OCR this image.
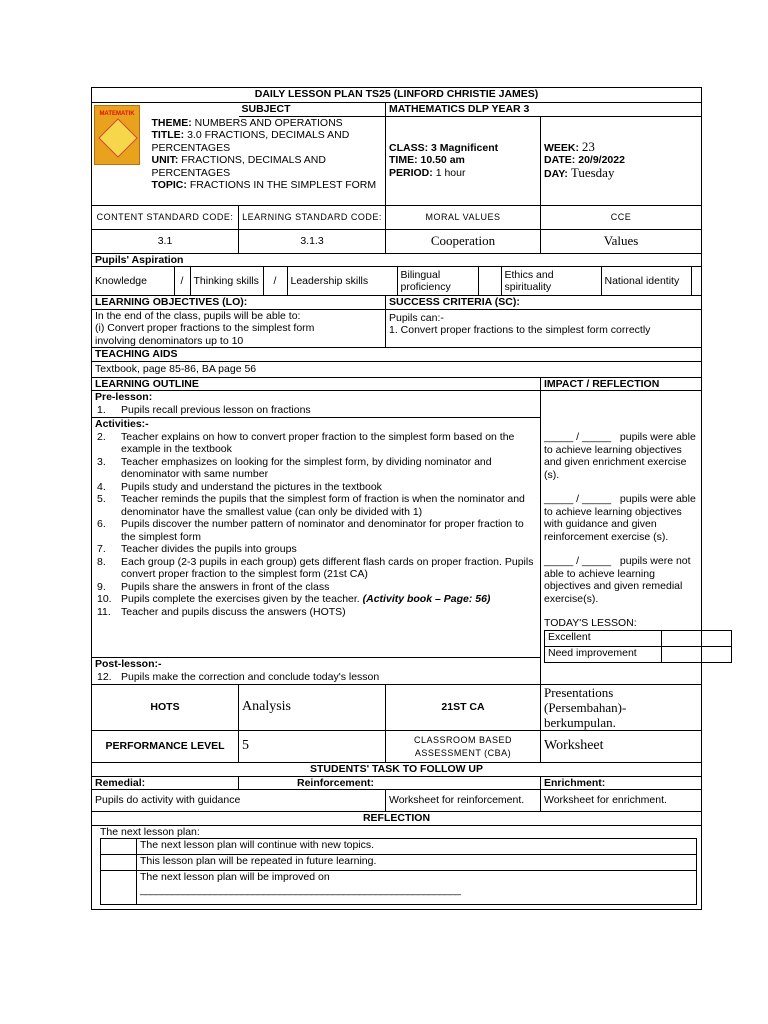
DAILY LESSON PLAN TS25 (LINFORD CHRISTIE JAMES)

MATEMATIK	SUBJECT	MATHEMATICS DLP YEAR 3

THEME: NUMBERS AND OPERATIONS
TITLE: 3.0 FRACTIONS, DECIMALS AND PERCENTAGES
UNIT: FRACTIONS, DECIMALS AND PERCENTAGES
TOPIC: FRACTIONS IN THE SIMPLEST FORM

CLASS: 3 Magnificent
TIME: 10.50 am
PERIOD: 1 hour

WEEK: 23
DATE: 20/9/2022
DAY: Tuesday

CONTENT STANDARD CODE:	LEARNING STANDARD CODE:	MORAL VALUES	CCE
3.1	3.1.3	Cooperation	Values
Pupils' Aspiration

Knowledge	/	Thinking skills	/	Leadership skills	Bilingual proficiency		Ethics and spirituality	National identity	

LEARNING OBJECTIVES (LO):	SUCCESS CRITERIA (SC):

In the end of the class, pupils will be able to:
(i) Convert proper fractions to the simplest form involving denominators up to 10

Pupils can:-
1. Convert proper fractions to the simplest form correctly

TEACHING AIDS
Textbook, page 85-86, BA page 56
LEARNING OUTLINE	IMPACT / REFLECTION

Pre-lesson:
1.	Pupils recall previous lesson on fractions
Activities:-
2.	Teacher explains on how to convert proper fraction to the simplest form based on the example in the textbook
3.	Teacher emphasizes on looking for the simplest form, by dividing nominator and denominator with same number
4.	Pupils study and understand the pictures in the textbook
5.	Teacher reminds the pupils that the simplest form of fraction is when the nominator and denominator have the smallest value (can only be divided with 1)
6.	Pupils discover the number pattern of nominator and denominator for proper fraction to the simplest form
7.	Teacher divides the pupils into groups
8.	Each group (2-3 pupils in each group) gets different flash cards on proper fraction. Pupils convert proper fraction to the simplest form (21st CA)
9.	Pupils share the answers in front of the class
10. Pupils complete the exercises given by the teacher. (Activity book – Page: 56)
11. Teacher and pupils discuss the answers (HOTS)
Post-lesson:-
12. Pupils make the correction and conclude today's lesson

_____ / _____ pupils were able to achieve learning objectives and given enrichment exercise (s).
_____ / _____ pupils were able to achieve learning objectives with guidance and given reinforcement exercise (s).
_____ / _____ pupils were not able to achieve learning objectives and given remedial exercise(s).
TODAY'S LESSON:
Excellent	
Need improvement	

HOTS	Analysis	21ST CA	Presentations (Persembahan)- berkumpulan.
PERFORMANCE LEVEL	5	CLASSROOM BASED ASSESSMENT (CBA)	Worksheet
STUDENTS' TASK TO FOLLOW UP
Remedial:	Reinforcement:	Enrichment:
Pupils do activity with guidance	Worksheet for reinforcement.	Worksheet for enrichment.
REFLECTION

The next lesson plan:
	The next lesson plan will continue with new topics.
	This lesson plan will be repeated in future learning.

The next lesson plan will be improved on
____________________________________________________________
